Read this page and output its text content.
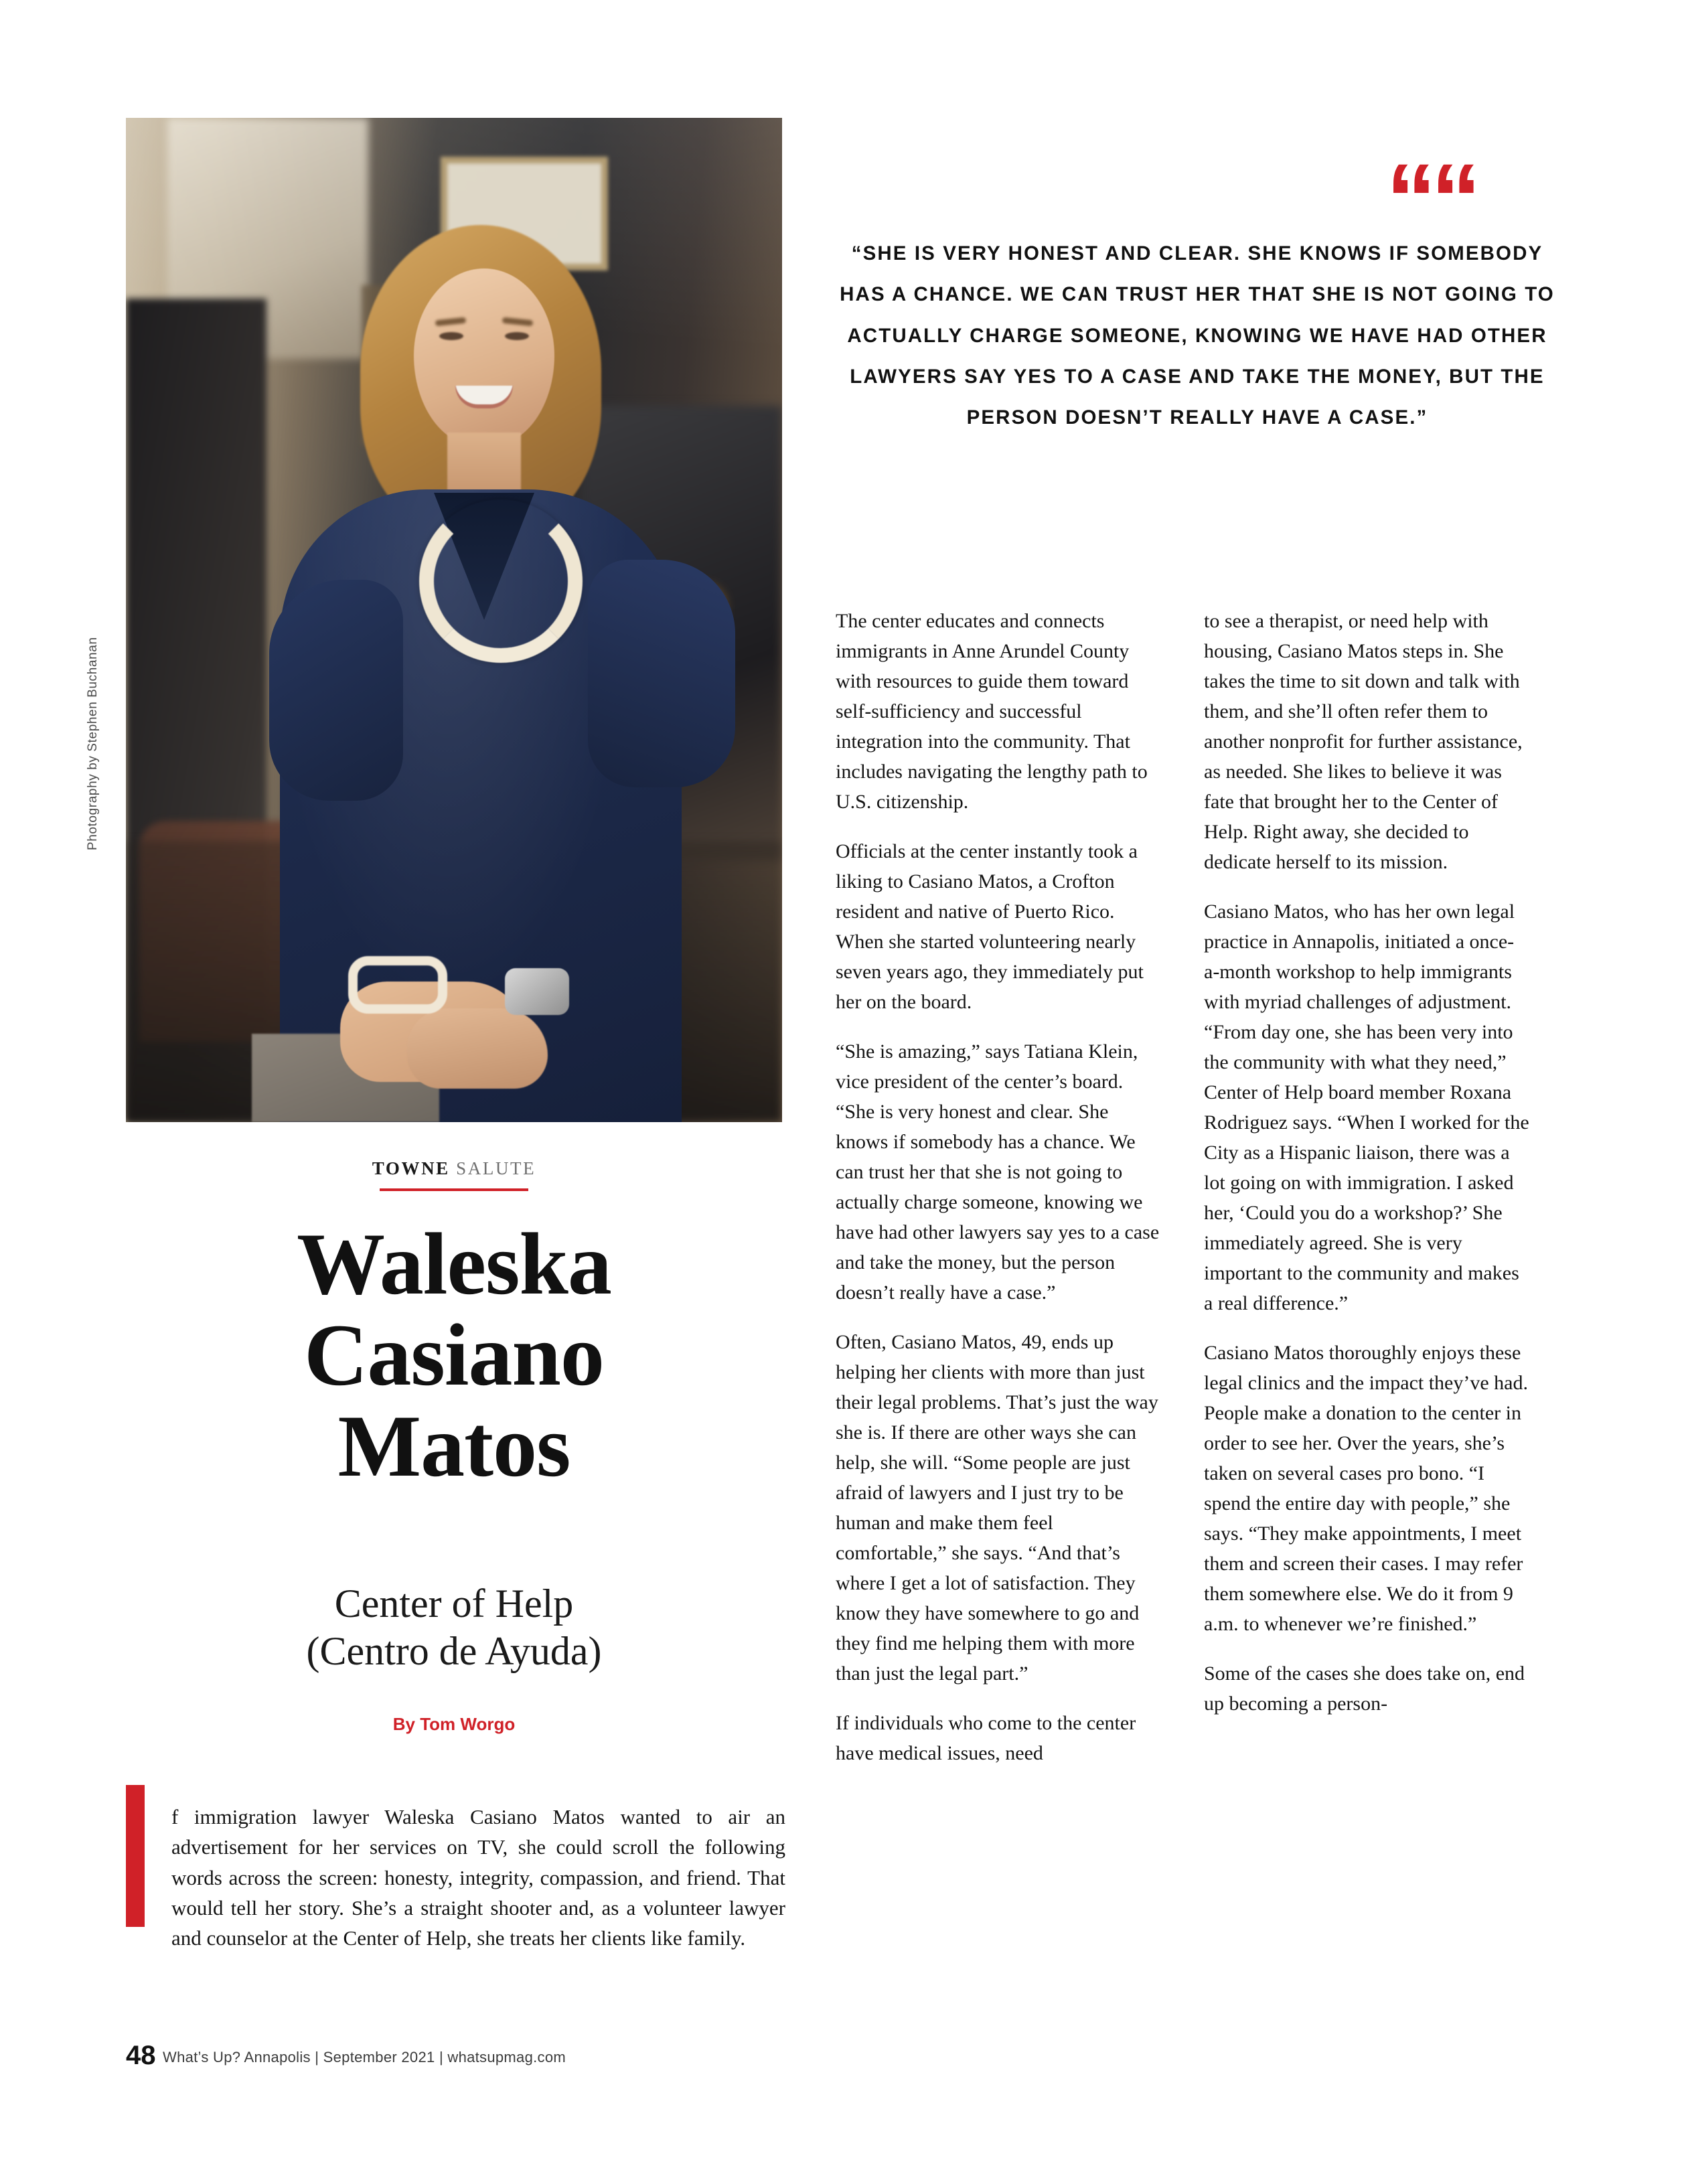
Photography by Stephen Buchanan
TOWNE SALUTE
Waleska
Casiano
Matos
Center of Help
(Centro de Ayuda)
By Tom Worgo

f immigration lawyer Waleska Casiano Matos wanted to air an advertisement for her services on TV, she could scroll the following words across the screen: honesty, integrity, compassion, and friend. That would tell her story. She’s a straight shooter and, as a volunteer lawyer and counselor at the Center of Help, she treats her clients like family.

““
“SHE IS VERY HONEST AND CLEAR. SHE KNOWS IF SOMEBODY HAS A CHANCE. WE CAN TRUST HER THAT SHE IS NOT GOING TO ACTUALLY CHARGE SOMEONE, KNOWING WE HAVE HAD OTHER LAWYERS SAY YES TO A CASE AND TAKE THE MONEY, BUT THE PERSON DOESN’T REALLY HAVE A CASE.”

The center educates and connects immigrants in Anne Arundel County with resources to guide them toward self-sufficiency and successful integration into the community. That includes navigating the lengthy path to U.S. citizenship.

Officials at the center instantly took a liking to Casiano Matos, a Crofton resident and native of Puerto Rico. When she started volunteering nearly seven years ago, they immediately put her on the board.

“She is amazing,” says Tatiana Klein, vice president of the center’s board. “She is very honest and clear. She knows if somebody has a chance. We can trust her that she is not going to actually charge someone, knowing we have had other lawyers say yes to a case and take the money, but the person doesn’t really have a case.”

Often, Casiano Matos, 49, ends up helping her clients with more than just their legal problems. That’s just the way she is. If there are other ways she can help, she will. “Some people are just afraid of lawyers and I just try to be human and make them feel comfortable,” she says. “And that’s where I get a lot of satisfaction. They know they have somewhere to go and they find me helping them with more than just the legal part.”

If individuals who come to the center have medical issues, need

to see a therapist, or need help with housing, Casiano Matos steps in. She takes the time to sit down and talk with them, and she’ll often refer them to another nonprofit for further assistance, as needed. She likes to believe it was fate that brought her to the Center of Help. Right away, she decided to dedicate herself to its mission.

Casiano Matos, who has her own legal practice in Annapolis, initiated a once-a-month workshop to help immigrants with myriad challenges of adjustment. “From day one, she has been very into the community with what they need,” Center of Help board member Roxana Rodriguez says. “When I worked for the City as a Hispanic liaison, there was a lot going on with immigration. I asked her, ‘Could you do a workshop?’ She immediately agreed. She is very important to the community and makes a real difference.”

Casiano Matos thoroughly enjoys these legal clinics and the impact they’ve had. People make a donation to the center in order to see her. Over the years, she’s taken on several cases pro bono. “I spend the entire day with people,” she says. “They make appointments, I meet them and screen their cases. I may refer them somewhere else. We do it from 9 a.m. to whenever we’re finished.”

Some of the cases she does take on, end up becoming a person-

48 What’s Up? Annapolis | September 2021 | whatsupmag.com
